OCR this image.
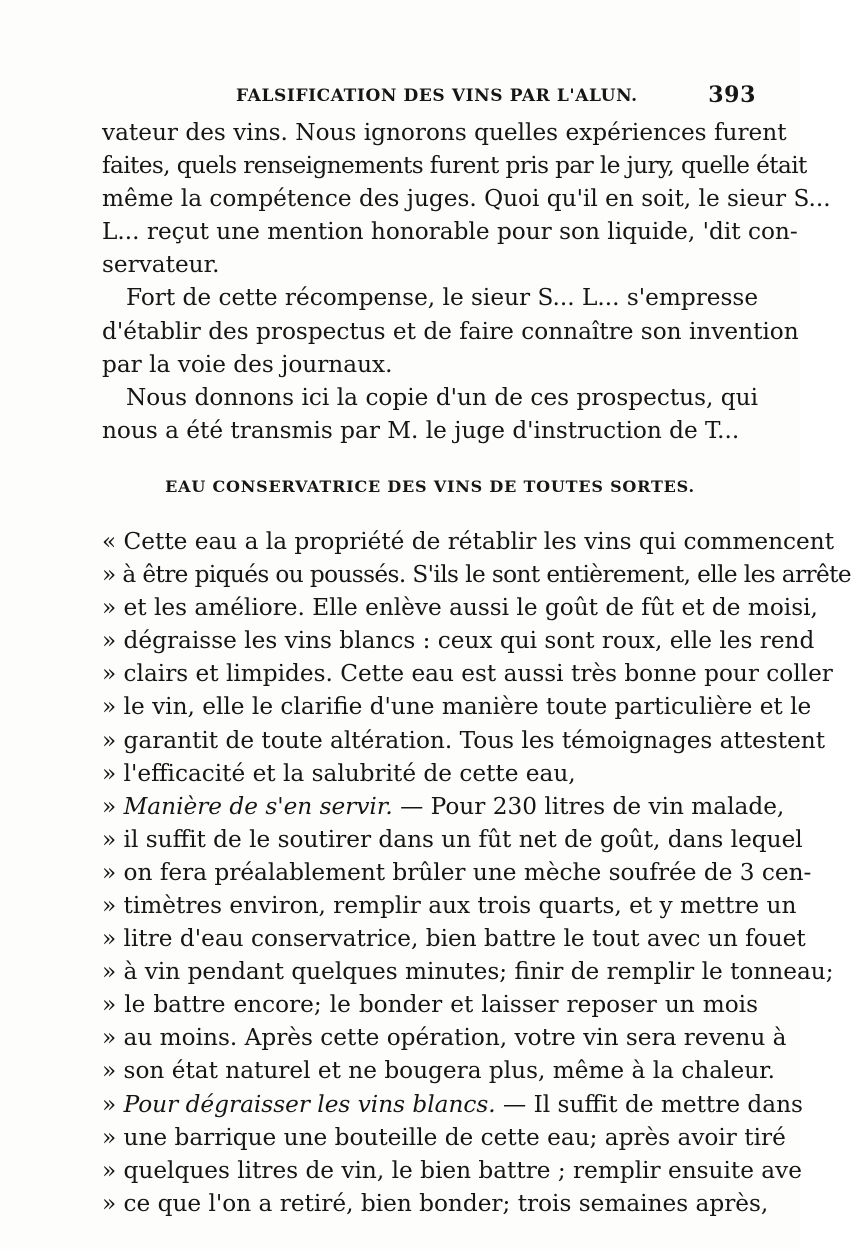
FALSIFICATION DES VINS PAR L'ALUN.	393
vateur des vins. Nous ignorons quelles expériences furent
faites, quels renseignements furent pris par le jury, quelle était
même la compétence des juges. Quoi qu'il en soit, le sieur S...
L... reçut une mention honorable pour son liquide, 'dit con-
servateur.
Fort de cette récompense, le sieur S... L... s'empresse
d'établir des prospectus et de faire connaître son invention
par la voie des journaux.
Nous donnons ici la copie d'un de ces prospectus, qui
nous a été transmis par M. le juge d'instruction de T...
EAU CONSERVATRICE DES VINS DE TOUTES SORTES.
« Cette eau a la propriété de rétablir les vins qui commencent
» à être piqués ou poussés. S'ils le sont entièrement, elle les arrête
» et les améliore. Elle enlève aussi le goût de fût et de moisi,
» dégraisse les vins blancs : ceux qui sont roux, elle les rend
» clairs et limpides. Cette eau est aussi très bonne pour coller
» le vin, elle le clarifie d'une manière toute particulière et le
» garantit de toute altération. Tous les témoignages attestent
» l'efficacité et la salubrité de cette eau,
» Manière de s'en servir. — Pour 230 litres de vin malade,
» il suffit de le soutirer dans un fût net de goût, dans lequel
» on fera préalablement brûler une mèche soufrée de 3 cen-
» timètres environ, remplir aux trois quarts, et y mettre un
» litre d'eau conservatrice, bien battre le tout avec un fouet
» à vin pendant quelques minutes; finir de remplir le tonneau;
» le battre encore; le bonder et laisser reposer un mois
» au moins. Après cette opération, votre vin sera revenu à
» son état naturel et ne bougera plus, même à la chaleur.
» Pour dégraisser les vins blancs. — Il suffit de mettre dans
» une barrique une bouteille de cette eau; après avoir tiré
» quelques litres de vin, le bien battre ; remplir ensuite ave
» ce que l'on a retiré, bien bonder; trois semaines après,
